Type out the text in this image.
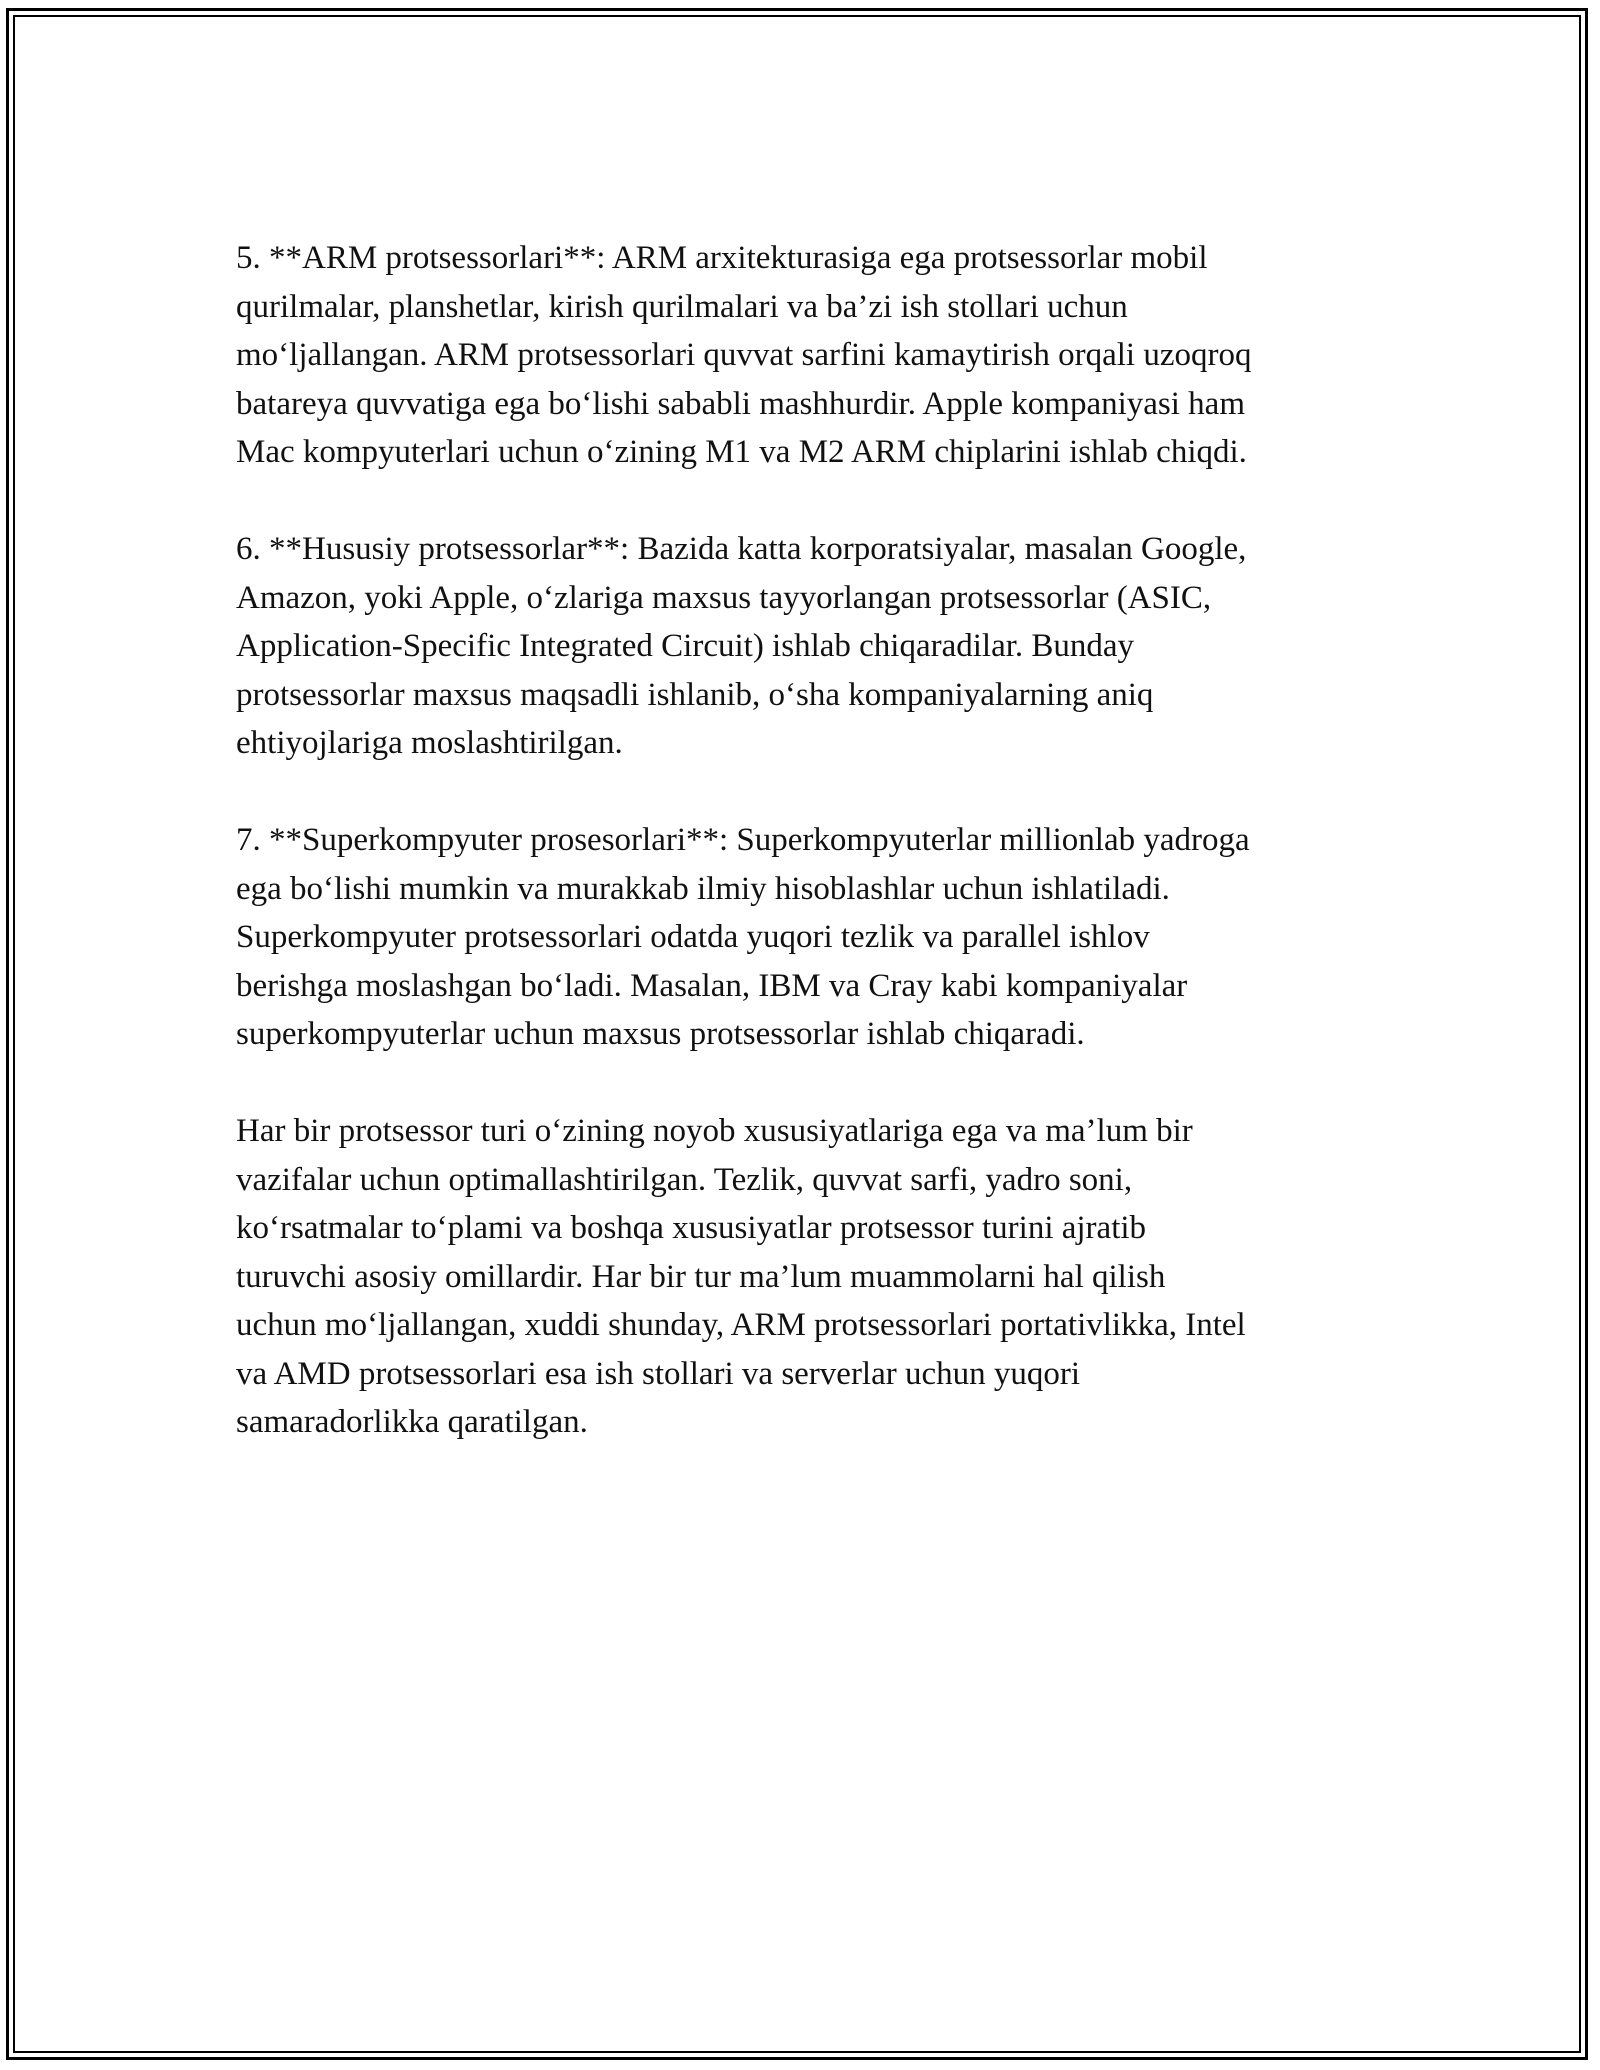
5. **ARM protsessorlari**: ARM arxitekturasiga ega protsessorlar mobil
qurilmalar, planshetlar, kirish qurilmalari va ba’zi ish stollari uchun
mo‘ljallangan. ARM protsessorlari quvvat sarfini kamaytirish orqali uzoqroq
batareya quvvatiga ega bo‘lishi sababli mashhurdir. Apple kompaniyasi ham
Mac kompyuterlari uchun o‘zining M1 va M2 ARM chiplarini ishlab chiqdi.

6. **Hususiy protsessorlar**: Bazida katta korporatsiyalar, masalan Google,
Amazon, yoki Apple, o‘zlariga maxsus tayyorlangan protsessorlar (ASIC,
Application-Specific Integrated Circuit) ishlab chiqaradilar. Bunday
protsessorlar maxsus maqsadli ishlanib, o‘sha kompaniyalarning aniq
ehtiyojlariga moslashtirilgan.

7. **Superkompyuter prosesorlari**: Superkompyuterlar millionlab yadroga
ega bo‘lishi mumkin va murakkab ilmiy hisoblashlar uchun ishlatiladi.
Superkompyuter protsessorlari odatda yuqori tezlik va parallel ishlov
berishga moslashgan bo‘ladi. Masalan, IBM va Cray kabi kompaniyalar
superkompyuterlar uchun maxsus protsessorlar ishlab chiqaradi.

Har bir protsessor turi o‘zining noyob xususiyatlariga ega va ma’lum bir
vazifalar uchun optimallashtirilgan. Tezlik, quvvat sarfi, yadro soni,
ko‘rsatmalar to‘plami va boshqa xususiyatlar protsessor turini ajratib
turuvchi asosiy omillardir. Har bir tur ma’lum muammolarni hal qilish
uchun mo‘ljallangan, xuddi shunday, ARM protsessorlari portativlikka, Intel
va AMD protsessorlari esa ish stollari va serverlar uchun yuqori
samaradorlikka qaratilgan.
